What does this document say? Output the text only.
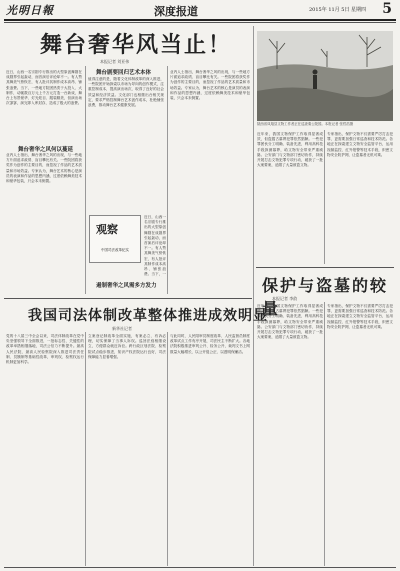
光明日報	深度报道	2015年 11月 5日 星期四 5
舞台奢华风当止！
本报记者 刘亚伟
近日，山西一名宗剧专行推出的大型原创舞剧在戏剧界引起轰动，而首演后评论却不一。有人赞其舞美气势恢宏，有人批评其制作成本高昂、铺张浪费。当下，一些地方院团热衷于大投入、大制作，动辄数百万元上千万元打造一台新戏，舞台上布景豪华、灯光炫目、服装精美，但演出场次寥寥，演完即入库封存，造成了极大的浪费。
舞台奢华之风何以蔓延
业内人士指出，舞台奢华之风的出现，与一些地方片面追求政绩、盲目攀比有关。一些院团将获奖作为创作的主要目的，而忽视了作品的艺术质量和市场效益。专家认为，舞台艺术的核心是演员的表演和作品的思想内涵，过度依赖舞美技术和豪华包装，只会本末倒置。
舞台剧要回归艺术本体
值得注意的是，随着文化体制改革的深入推进，一些院团开始探索以市场为导向的创作模式，注重控制成本，提高演出场次，取得了良好的社会效益和经济效益。文化部门也相继出台相关规定，要求严格控制舞台艺术创作成本，杜绝铺张浪费，推动舞台艺术健康发展。
近日，山西一名宗剧专行推出的大型原创舞剧在戏剧界引起轰动，而首演后评论却不一。有人赞其舞美气势恢宏，有人批评其制作成本高昂、铺张浪费。当下，一
遏制奢华之风需多方发力
业内人士指出，舞台奢华之风的出现，与一些地方片面追求政绩、盲目攀比有关。一些院团将获奖作为创作的主要目的，而忽视了作品的艺术质量和市场效益。专家认为，舞台艺术的核心是演员的表演和作品的思想内涵，过度依赖舞美技术和豪华包装，只会本末倒置。
观察
中国司法改革纪实
陕西省凤翔县文物工作者正在巡查秦公陵园。本报记者 张哲浩摄
近年来，我国文物保护工作取得显著成效，但盗掘古墓葬犯罪依然猖獗。一些犯罪团伙分工明确、装备先进，利用高科技手段探测墓葬，给文物安全带来严重威胁。公安部门与文物部门密切协作，持续开展打击文物犯罪专项行动，破获了一批大案要案，追缴了大量被盗文物。
专家指出，保护文物不仅需要严厉打击犯罪，更需要加强日常巡查和技术防范。各地正在探索建立文物安全监管平台，运用视频监控、红外报警等技术手段，织密文物安全防护网，让盗墓者无机可乘。
保护与盗墓的较量
本报记者 李韵
近年来，我国文物保护工作取得显著成效，但盗掘古墓葬犯罪依然猖獗。一些犯罪团伙分工明确、装备先进，利用高科技手段探测墓葬，给文物安全带来严重威胁。公安部门与文物部门密切协作，持续开展打击文物犯罪专项行动，破获了一批大案要案，追缴了大量被盗文物。
专家指出，保护文物不仅需要严厉打击犯罪，更需要加强日常巡查和技术防范。各地正在探索建立文物安全监管平台，运用视频监控、红外报警等技术手段，织密文物安全防护网，让盗墓者无机可乘。
我国司法体制改革整体推进成效明显
新华社记者
党的十八届三中全会以来，司法体制改革在党中央坚强领导下全面推进，一批标志性、关键性的改革举措相继落地，司法公信力不断提升。最高人民法院、最高人民检察院深入推进司法责任制、员额制等基础性改革，审判权、检察权运行机制更加科学。
立案登记制改革全面实施，有案必立、有诉必理，切实保障了当事人诉权。巡回法庭相继设立，方便群众就近诉讼。跨行政区划法院、检察院试点稳步推进，知识产权法院运行良好，司法保障能力显著增强。
与此同时，人民陪审员制度改革、人民监督员制度改革试点工作有序开展，司法民主不断扩大。各地法院积极推进审判公开、检务公开，裁判文书上网数量大幅增长，以公开促公正、以透明保廉洁。
